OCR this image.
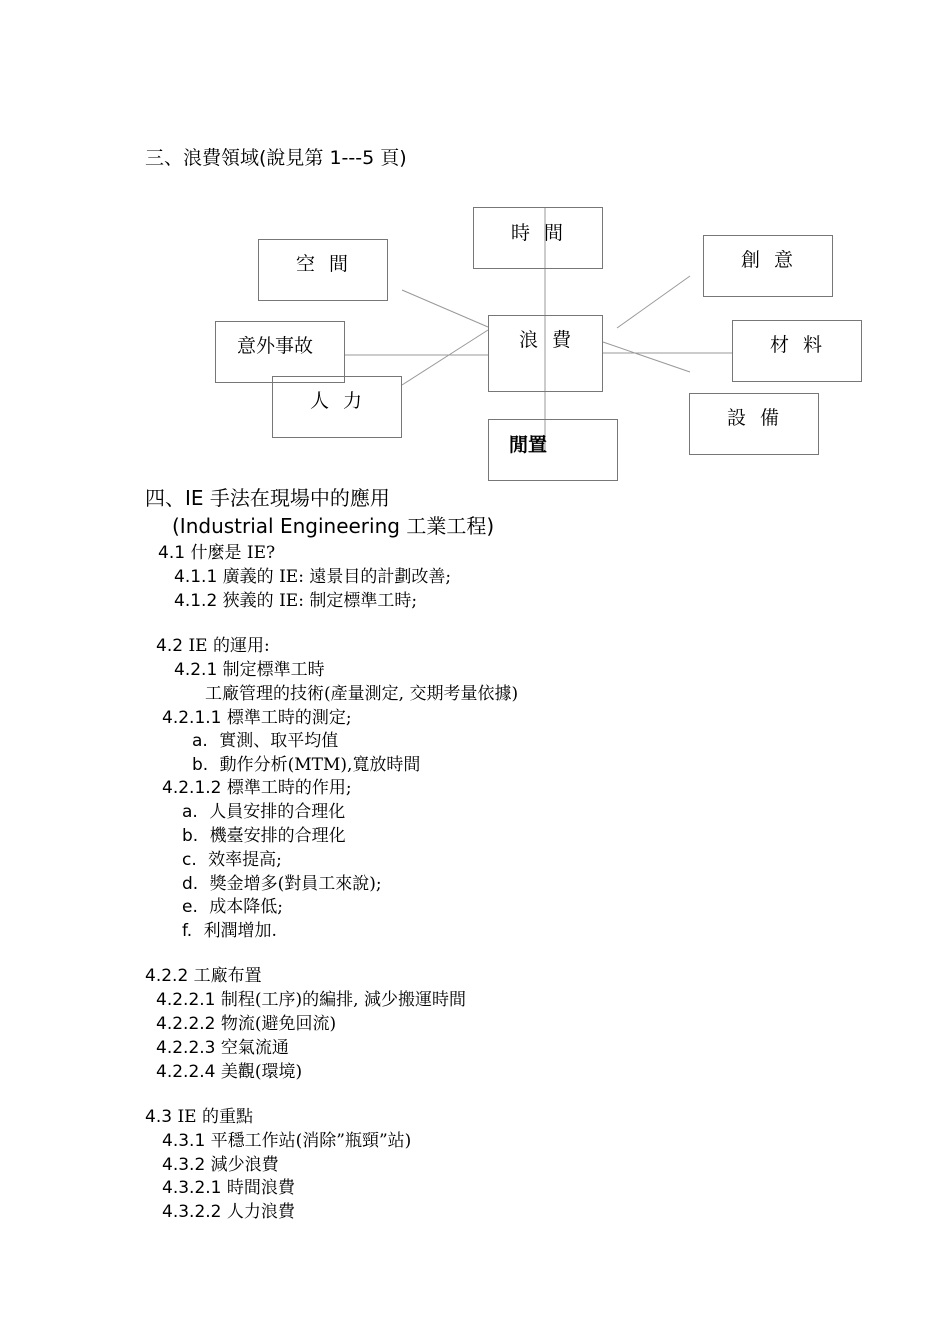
三、浪費領域(說見第 1---5 頁)
時 間
空 間	創 意
意外事故	浪 費	材 料
人 力
設 備
閒置
四、IE 手法在現場中的應用
(Industrial Engineering 工業工程)
4.1 什麼是 IE?
4.1.1 廣義的 IE: 遠景目的計劃改善;
4.1.2 狹義的 IE: 制定標準工時;
4.2 IE 的運用:
4.2.1 制定標準工時
工廠管理的技術(產量測定, 交期考量依據)
4.2.1.1 標準工時的測定;
a. 實測、取平均值
b. 動作分析(MTM),寬放時間
4.2.1.2 標準工時的作用;
a. 人員安排的合理化
b. 機臺安排的合理化
c. 效率提高;
d. 獎金增多(對員工來說);
e. 成本降低;
f. 利潤增加.
4.2.2 工廠布置
4.2.2.1 制程(工序)的編排, 減少搬運時間
4.2.2.2 物流(避免回流)
4.2.2.3 空氣流通
4.2.2.4 美觀(環境)
4.3 IE 的重點
4.3.1 平穩工作站(消除”瓶頸”站)
4.3.2 減少浪費
4.3.2.1 時間浪費
4.3.2.2 人力浪費
